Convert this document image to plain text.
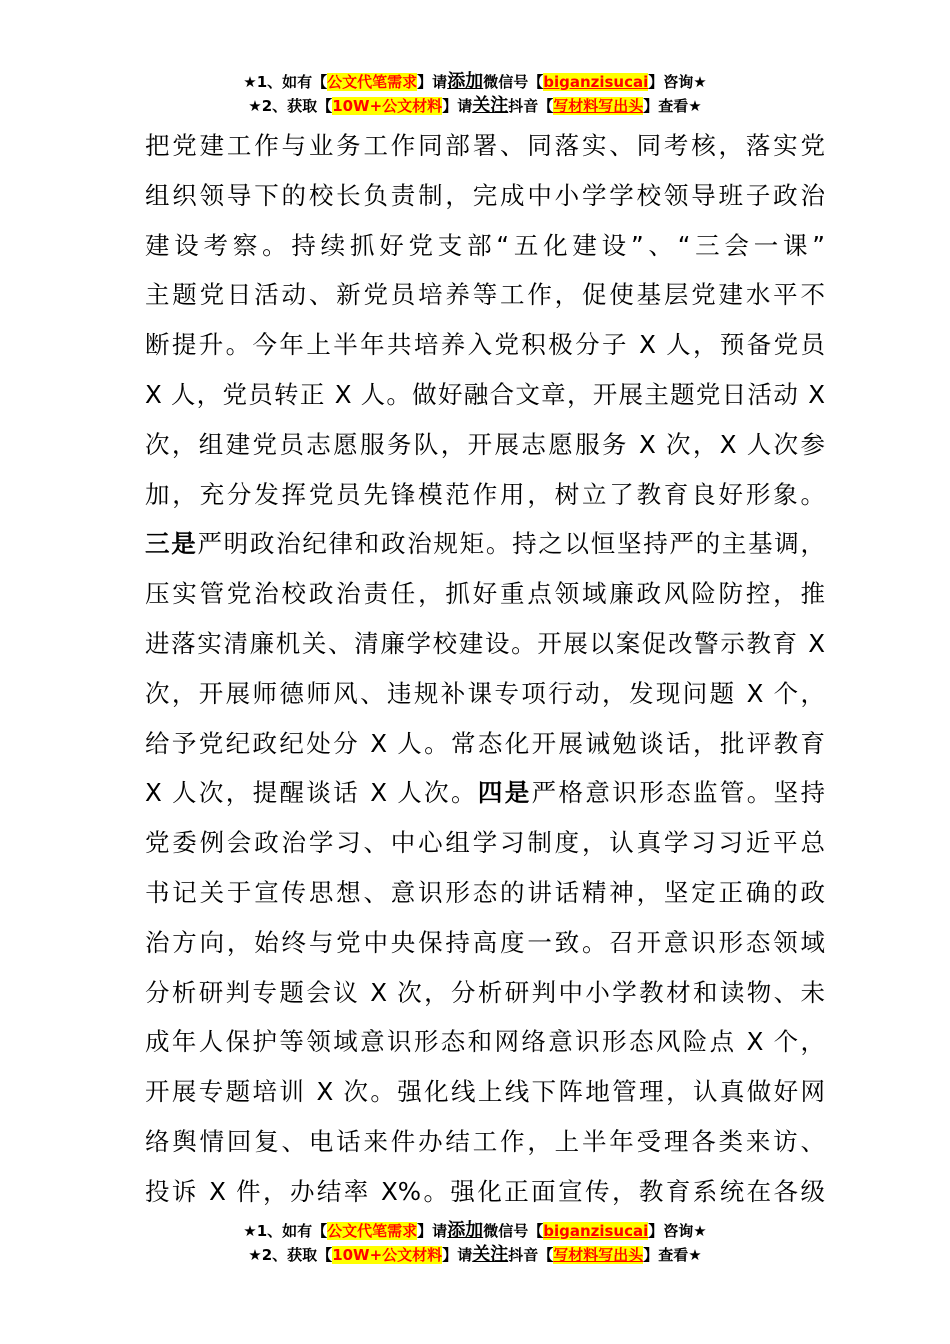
★1、如有【公文代笔需求】请添加微信号【biganzisucai】咨询★
★2、获取【10W+公文材料】请关注抖音【写材料写出头】查看★
把党建工作与业务工作同部署、同落实、同考核，落实党
组织领导下的校长负责制，完成中小学学校领导班子政治
建设考察。持续抓好党支部“五化建设”、“三会一课”
主题党日活动、新党员培养等工作，促使基层党建水平不
断提升。今年上半年共培养入党积极分子 X 人，预备党员
X 人，党员转正 X 人。做好融合文章，开展主题党日活动 X
次，组建党员志愿服务队，开展志愿服务 X 次，X 人次参
加，充分发挥党员先锋模范作用，树立了教育良好形象。
三是严明政治纪律和政治规矩。持之以恒坚持严的主基调，
压实管党治校政治责任，抓好重点领域廉政风险防控，推
进落实清廉机关、清廉学校建设。开展以案促改警示教育 X
次，开展师德师风、违规补课专项行动，发现问题 X 个，
给予党纪政纪处分 X 人。常态化开展诫勉谈话，批评教育
X 人次，提醒谈话 X 人次。四是严格意识形态监管。坚持
党委例会政治学习、中心组学习制度，认真学习习近平总
书记关于宣传思想、意识形态的讲话精神，坚定正确的政
治方向，始终与党中央保持高度一致。召开意识形态领域
分析研判专题会议 X 次，分析研判中小学教材和读物、未
成年人保护等领域意识形态和网络意识形态风险点 X 个，
开展专题培训 X 次。强化线上线下阵地管理，认真做好网
络舆情回复、电话来件办结工作，上半年受理各类来访、
投诉 X 件，办结率 X%。强化正面宣传，教育系统在各级
★1、如有【公文代笔需求】请添加微信号【biganzisucai】咨询★
★2、获取【10W+公文材料】请关注抖音【写材料写出头】查看★
